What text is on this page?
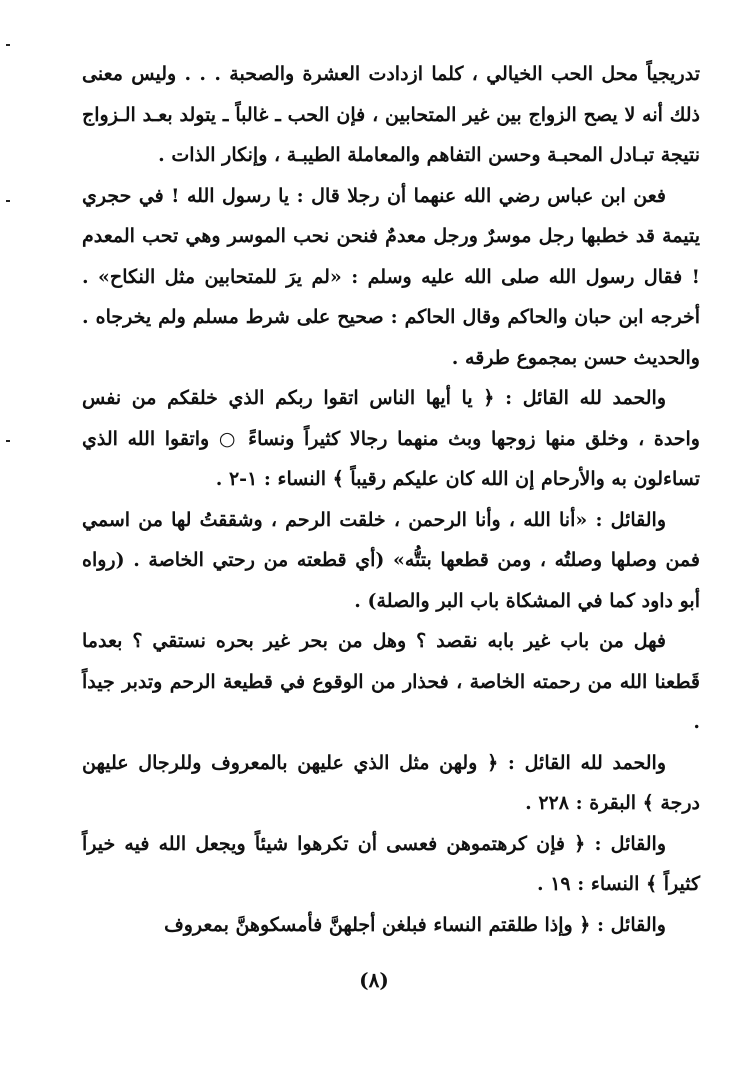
تدريجياً محل الحب الخيالي ، كلما ازدادت العشرة والصحبة . . . وليس معنى ذلك أنه لا يصح الزواج بين غير المتحابين ، فإن الحب ـ غالباً ـ يتولد بعـد الـزواج نتيجة تبـادل المحبـة وحسن التفاهم والمعاملة الطيبـة ، وإنكار الذات .

فعن ابن عباس رضي الله عنهما أن رجلا قال : يا رسول الله ! في حجري يتيمة قد خطبها رجل موسرٌ ورجل معدمٌ فنحن نحب الموسر وهي تحب المعدم ! فقال رسول الله صلى الله عليه وسلم : «لم يرَ للمتحابين مثل النكاح» . أخرجه ابن حبان والحاكم وقال الحاكم : صحيح على شرط مسلم ولم يخرجاه . والحديث حسن بمجموع طرقه .

والحمد لله القائل : ﴿ يا أيها الناس اتقوا ربكم الذي خلقكم من نفس واحدة ، وخلق منها زوجها وبث منهما رجالا كثيراً ونساءً ○ واتقوا الله الذي تساءلون به والأرحام إن الله كان عليكم رقيباً ﴾ النساء : ١-٢ .

والقائل : «أنا الله ، وأنا الرحمن ، خلقت الرحم ، وشققتُ لها من اسمي فمن وصلها وصلتُه ، ومن قطعها بتتُّه» (أي قطعته من رحتي الخاصة . (رواه أبو داود كما في المشكاة باب البر والصلة) .

فهل من باب غير بابه نقصد ؟ وهل من بحر غير بحره نستقي ؟ بعدما قَطعنا الله من رحمته الخاصة ، فحذار من الوقوع في قطيعة الرحم وتدبر جيداً .

والحمد لله القائل : ﴿ ولهن مثل الذي عليهن بالمعروف وللرجال عليهن درجة ﴾ البقرة : ٢٢٨ .

والقائل : ﴿ فإن كرهتموهن فعسى أن تكرهوا شيئاً ويجعل الله فيه خيراً كثيراً ﴾ النساء : ١٩ .

والقائل : ﴿ وإذا طلقتم النساء فبلغن أجلهنَّ فأمسكوهنَّ بمعروف

(٨)
